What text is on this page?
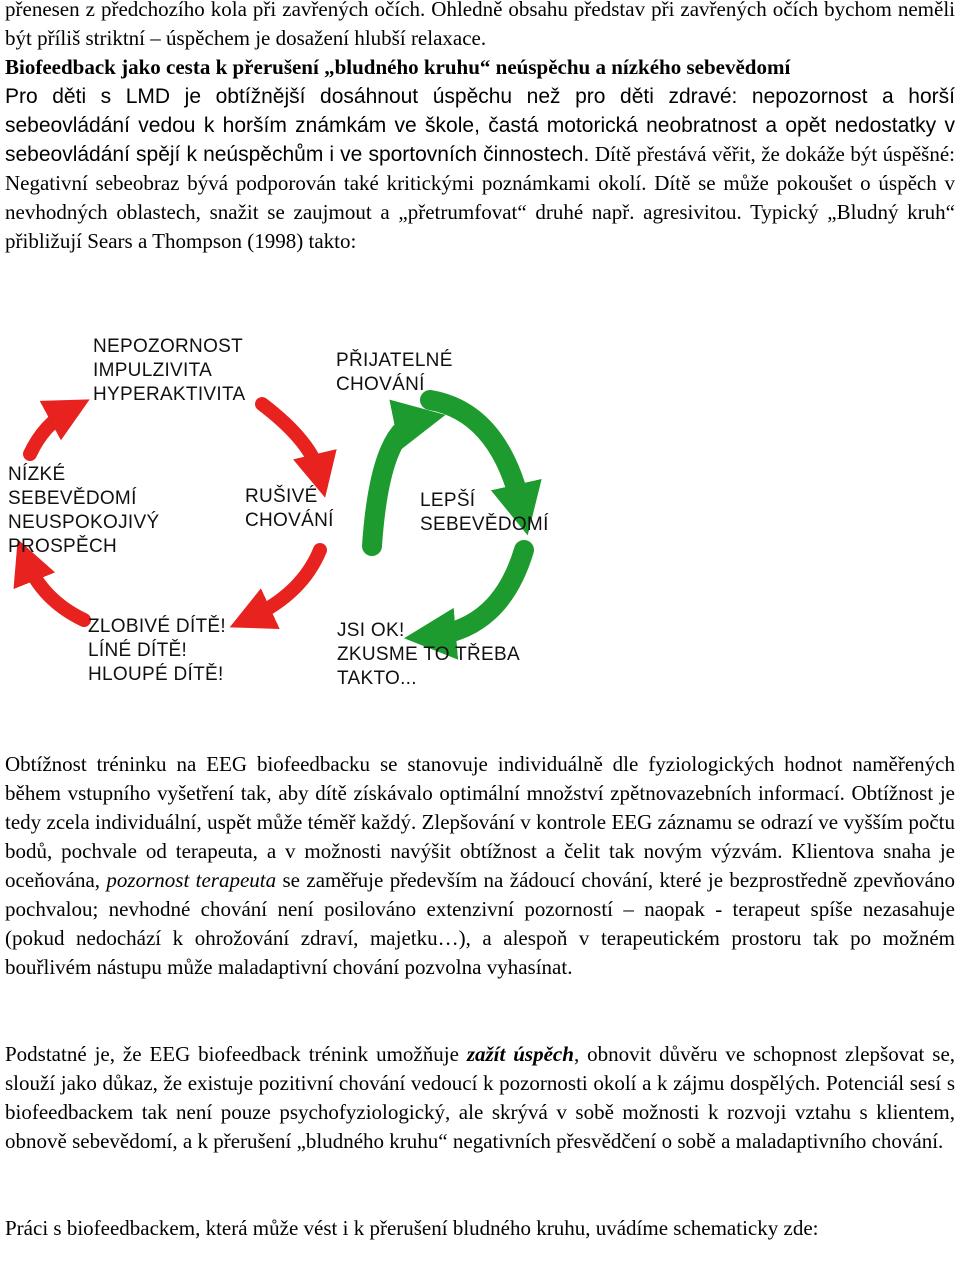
přenesen z předchozího kola při zavřených očích. Ohledně obsahu představ při zavřených očích bychom neměli být příliš striktní – úspěchem je dosažení hlubší relaxace.

Biofeedback jako cesta k přerušení „bludného kruhu“ neúspěchu a nízkého sebevědomí

Pro děti s LMD je obtížnější dosáhnout úspěchu než pro děti zdravé: nepozornost a horší sebeovládání vedou k horším známkám ve škole, častá motorická neobratnost a opět nedostatky v sebeovládání spějí k neúspěchům i ve sportovních činnostech. Dítě přestává věřit, že dokáže být úspěšné: Negativní sebeobraz bývá podporován také kritickými poznámkami okolí. Dítě se může pokoušet o úspěch v nevhodných oblastech, snažit se zaujmout a „přetrumfovat“ druhé např. agresivitou. Typický „Bludný kruh“ přibližují Sears a Thompson (1998) takto:

NEPOZORNOST
IMPULZIVITA
HYPERAKTIVITA
NÍZKÉ
SEBEVĚDOMÍ
NEUSPOKOJIVÝ
PROSPĚCH
RUŠIVÉ
CHOVÁNÍ
ZLOBIVÉ DÍTĚ!
LÍNÉ DÍTĚ!
HLOUPÉ DÍTĚ!
PŘIJATELNÉ
CHOVÁNÍ
LEPŠÍ
SEBEVĚDOMÍ
JSI OK!
ZKUSME TO TŘEBA
TAKTO...

Obtížnost tréninku na EEG biofeedbacku se stanovuje individuálně dle fyziologických hodnot naměřených během vstupního vyšetření tak, aby dítě získávalo optimální množství zpětnovazebních informací. Obtížnost je tedy zcela individuální, uspět může téměř každý. Zlepšování v kontrole EEG záznamu se odrazí ve vyšším počtu bodů, pochvale od terapeuta, a v možnosti navýšit obtížnost a čelit tak novým výzvám. Klientova snaha je oceňována, pozornost terapeuta se zaměřuje především na žádoucí chování, které je bezprostředně zpevňováno pochvalou; nevhodné chování není posilováno extenzivní pozorností – naopak - terapeut spíše nezasahuje (pokud nedochází k ohrožování zdraví, majetku…), a alespoň v terapeutickém prostoru tak po možném bouřlivém nástupu může maladaptivní chování pozvolna vyhasínat.

Podstatné je, že EEG biofeedback trénink umožňuje zažít úspěch, obnovit důvěru ve schopnost zlepšovat se, slouží jako důkaz, že existuje pozitivní chování vedoucí k pozornosti okolí a k zájmu dospělých. Potenciál sesí s biofeedbackem tak není pouze psychofyziologický, ale skrývá v sobě možnosti k rozvoji vztahu s klientem, obnově sebevědomí, a k přerušení „bludného kruhu“ negativních přesvědčení o sobě a maladaptivního chování.

Práci s biofeedbackem, která může vést i k přerušení bludného kruhu, uvádíme schematicky zde:
